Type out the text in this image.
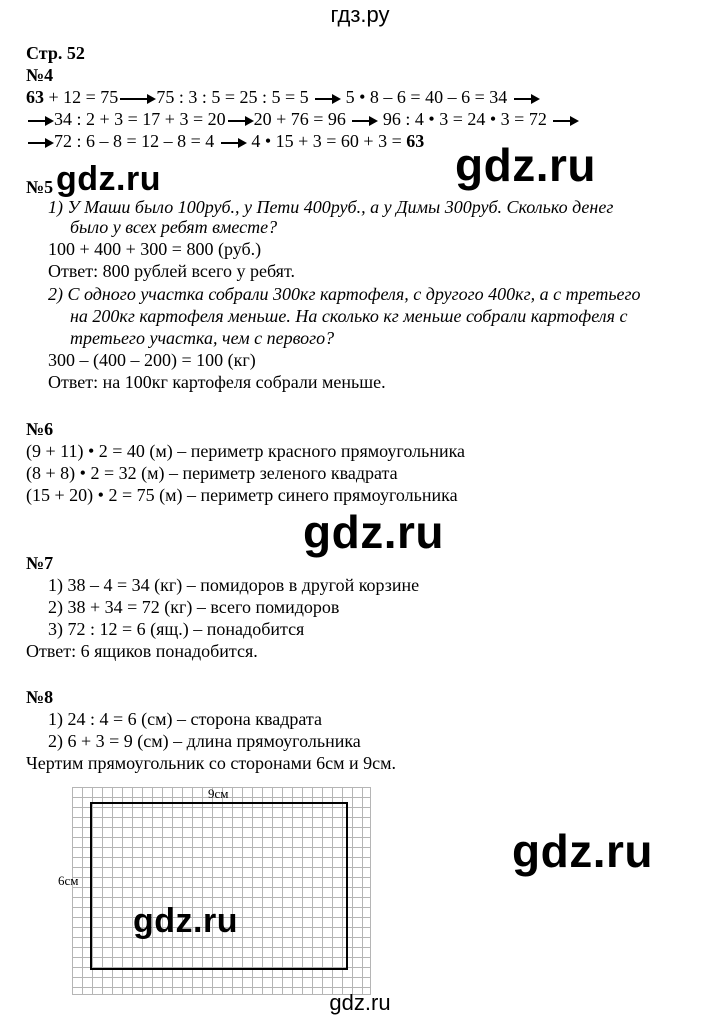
гдз.ру
Стр. 52
№4
63 + 12 = 75 75 : 3 : 5 = 25 : 5 = 5 5 • 8 – 6 = 40 – 6 = 34
34 : 2 + 3 = 17 + 3 = 20 20 + 76 = 96 96 : 4 • 3 = 24 • 3 = 72
72 : 6 – 8 = 12 – 8 = 4 4 • 15 + 3 = 60 + 3 = 63 gdz.ru
№5 gdz.ru
1) У Маши было 100руб., у Пети 400руб., а у Димы 300руб. Сколько денег
было у всех ребят вместе?
100 + 400 + 300 = 800 (руб.)
Ответ: 800 рублей всего у ребят.
2) С одного участка собрали 300кг картофеля, с другого 400кг, а с третьего
на 200кг картофеля меньше. На сколько кг меньше собрали картофеля с
третьего участка, чем с первого?
300 – (400 – 200) = 100 (кг)
Ответ: на 100кг картофеля собрали меньше.
№6
(9 + 11) • 2 = 40 (м) – периметр красного прямоугольника
(8 + 8) • 2 = 32 (м) – периметр зеленого квадрата
(15 + 20) • 2 = 75 (м) – периметр синего прямоугольника
gdz.ru
№7
1) 38 – 4 = 34 (кг) – помидоров в другой корзине
2) 38 + 34 = 72 (кг) – всего помидоров
3) 72 : 12 = 6 (ящ.) – понадобится
Ответ: 6 ящиков понадобится.
№8
1) 24 : 4 = 6 (см) – сторона квадрата
2) 6 + 3 = 9 (см) – длина прямоугольника
Чертим прямоугольник со сторонами 6см и 9см.
9см
6см
gdz.ru
gdz.ru
gdz.ru
